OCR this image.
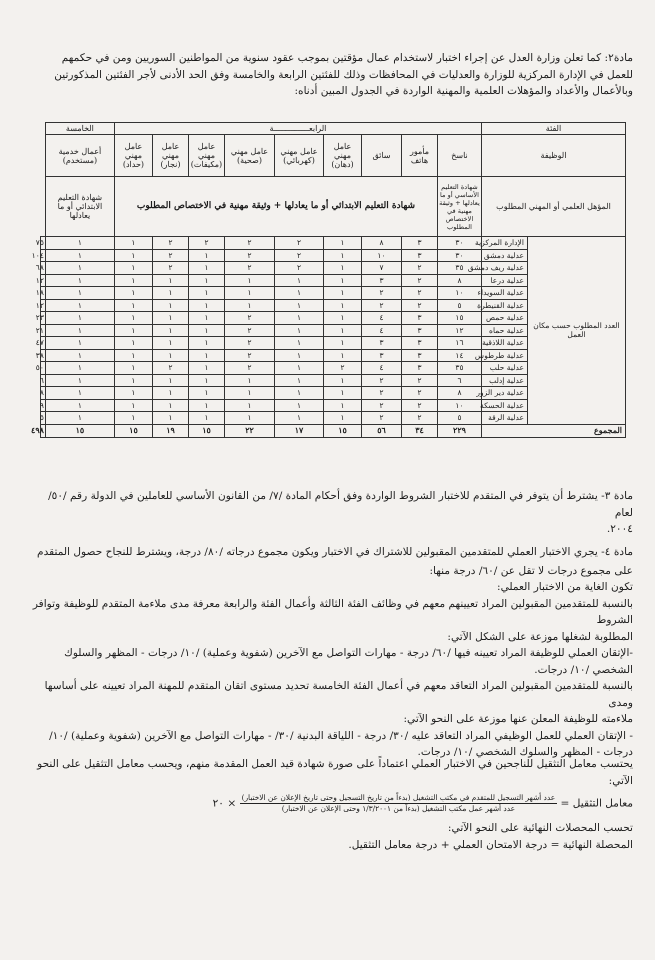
مادة٢: كما تعلن وزارة العدل عن إجراء اختبار لاستخدام عمال مؤقتين بموجب عقود سنوية من المواطنين السوريين ومن في حكمهم

للعمل في الإدارة المركزية للوزارة والعدليات في المحافظات وذلك للفئتين الرابعة والخامسة وفق الحد الأدنى لأجر الفئتين المذكورتين

وبالأعمال والأعداد والمؤهلات العلمية والمهنية الواردة في الجدول المبين أدناه:

الفئة		الرابعـــــــــــــــة									الخامسة	
الوظيفة		ناسخ	مأمور هاتف	سائق	عامل مهني (دهان)	عامل مهني (كهربائي)	عامل مهني (صحية)	عامل مهني (مكيفات)	عامل مهني (نجار)	عامل مهني (حداد)	أعمال خدمية (مستخدم)	
المؤهل العلمي أو المهني المطلوب		شهادة التعليم الأساسي أو ما يعادلها + وثيقة مهنية في الاختصاص المطلوب	شهادة التعليم الابتدائي أو ما يعادلها + وثيقة مهنية في الاختصاص المطلوب								شهادة التعليم الابتدائي أو ما يعادلها	
العدد المطلوب حسب مكان العمل	الإدارة المركزية	٣٠	٣	٨	١	٢	٢	٢	٢	١	١	٧٥
	عدلية دمشق	٣٠	٣	١٠	١	٢	٢	١	٢	١	١	١٠٤
	عدلية ريف دمشق	٣٥	٢	٧	١	٢	٢	١	٢	١	١	٦٨
	عدلية درعا	٨	٢	٣	١	١	١	١	١	١	١	١٢
	عدلية السويداء	١٠	٢	٢	١	١	١	١	١	١	١	١٨
	عدلية القنيطرة	٥	٢	٢	١	١	١	١	١	١	١	١٢
	عدلية حمص	١٥	٣	٤	١	١	٢	١	١	١	١	٢٣
	عدلية حماه	١٢	٣	٤	١	١	٢	١	١	١	١	٢١
	عدلية اللاذقية	١٦	٣	٣	١	١	٢	١	١	١	١	٤٧
	عدلية طرطوس	١٤	٣	٣	١	١	٢	١	١	١	١	٣٨
	عدلية حلب	٣٥	٣	٤	٢	١	٢	١	٢	١	١	٥٠
	عدلية إدلب	٦	٢	٢	١	١	١	١	١	١	١	٦
	عدلية دير الزور	٨	٢	٢	١	١	١	١	١	١	١	٨
	عدلية الحسكة	١٠	٢	٢	١	١	١	١	١	١	١	٩
	عدلية الرقة	٥	٢	٢	١	١	١	١	١	١	١	٥
المجموع		٢٢٩	٣٤	٥٦	١٥	١٧	٢٢	١٥	١٩	١٥	١٥	٤٩٨

مادة ٣- يشترط أن يتوفر في المتقدم للاختبار الشروط الواردة وفق أحكام المادة /٧/ من القانون الأساسي للعاملين في الدولة رقم /٥٠/ لعام

٢٠٠٤.

مادة ٤- يجري الاختبار العملي للمتقدمين المقبولين للاشتراك في الاختبار ويكون مجموع درجاته /٨٠/ درجة، ويشترط للنجاح حصول المتقدم

على مجموع درجات لا تقل عن /٦٠/ درجة منها:

تكون الغاية من الاختبار العملي:

بالنسبة للمتقدمين المقبولين المراد تعيينهم معهم في وظائف الفئة الثالثة وأعمال الفئة والرابعة معرفة مدى ملاءمة المتقدم للوظيفة وتوافر الشروط

المطلوبة لشغلها موزعة على الشكل الآتي:

-الإتقان العملي للوظيفة المراد تعيينه فيها /٦٠/ درجة - مهارات التواصل مع الآخرين (شفوية وعملية) /١٠/ درجات - المظهر والسلوك

الشخصي /١٠/ درجات.

بالنسبة للمتقدمين المقبولين المراد التعاقد معهم في أعمال الفئة الخامسة تحديد مستوى اتقان المتقدم للمهنة المراد تعيينه على أساسها ومدى

ملاءمته للوظيفة المعلن عنها موزعة على النحو الآتي:

- الإتقان العملي للعمل الوظيفي المراد التعاقد عليه /٣٠/ درجة - اللياقة البدنية /٣٠/ - مهارات التواصل مع الآخرين (شفوية وعملية) /١٠/

درجات - المظهر والسلوك الشخصي /١٠/ درجات.

يحتسب معامل التثقيل للناجحين في الاختبار العملي اعتماداً على صورة شهادة قيد العمل المقدمة منهم، ويحسب معامل التثقيل على النحو الآتي:

معامل التثقيل =
عدد أشهر التسجيل للمتقدم في مكتب التشغيل (بدءاً من تاريخ التسجيل وحتى تاريخ الإعلان عن الاختبار)
عدد أشهر عمل مكتب التشغيل (بدءاً من ١/٣/٢٠٠١ وحتى الإعلان عن الاختبار)
× ٢٠

تحسب المحصلات النهائية على النحو الآتي:

المحصلة النهائية = درجة الامتحان العملي + درجة معامل التثقيل.
